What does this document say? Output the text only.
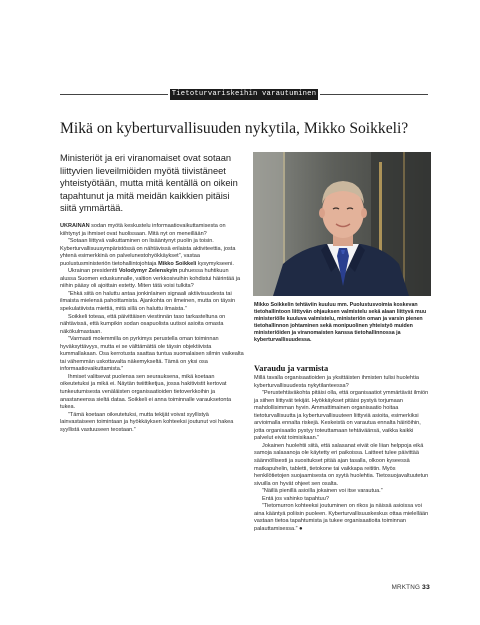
Tietoturvariskeihin varautuminen
Mikä on kyberturvallisuuden nykytila, Mikko Soikkeli?

Ministeriöt ja eri viranomaiset ovat sotaan liittyvien lieveilmiöiden myötä tiivistäneet yhteistyötään, mutta mitä kentällä on oikein tapahtunut ja mitä meidän kaikkien pitäisi siitä ymmärtää.

UKRAINAN sodan myötä keskustelu informaatiovaikuttamisesta on kiihtynyt ja ihmiset ovat huolissaan. Mitä nyt on meneillään?

”Sotaan liittyvä vaikuttaminen on lisääntynyt puolin ja toisin. Kyberturvallisuusympäristössä on nähtävissä erilaista aktiviteettia, josta yhtenä esimerkkinä on palvelunestohyökkäykset”, vastaa puolustusministeriön tietohallintojohtaja Mikko Soikkeli kysymykseeni.

Ukrainan presidentti Volodymyr Zelenskyin puhuessa huhtikuun alussa Suomen eduskunnalle, valtion verkkosivuihin kohdistui häirintää ja niihin pääsy oli ajoittain estetty. Miten tätä voisi tulkita?

”Ehkä siitä on haluttu antaa jonkinlainen signaali aktiivisuudesta tai ilmaista mielensä pahoittamista. Ajankohta on ilmeinen, mutta on täysin spekulatiivista miettiä, mitä sillä on haluttu ilmaista.”

Soikkeli toteaa, että päivittäisen viestinnän taso tarkasteltuna on nähtävissä, että kumpikin sodan osapuolista uutisoi asioita omasta näkökulmastaan.

”Varmasti molemmilla on pyrkimys perustella oman toiminnan hyväksyttävyys, mutta ei se välttämättä ole täysin objektiivista kummallakaan. Osa kerrotusta saattaa tuntua suomalaisen silmin vaikealta tai vähemmän uskottavalta näkemykseltä. Tämä on yksi osa informaatiovaikuttamista.”

Ihmiset valitsevat puolensa sen seurauksena, mikä koetaan oikeutetuksi ja mikä ei. Näytän twiittiketjua, jossa hakitivistit kertovat tunkeutumisesta venäläisten organisaatioiden tietoverkkoihin ja anastaneensa sieltä dataa. Soikkeli ei anna toiminnalle varauksetonta tukea.

”Tämä koetaan oikeutetuksi, mutta tekijät voivat syyllistyä lainvastaiseen toimintaan ja hyökkäyksen kohteeksi joutunut voi hakea syyllistä vastuuseen teostaan.”

Mikko Soikkelin tehtäviin kuuluu mm. Puolustusvoimia koskevan tietohallintoon liittyvän ohjauksen valmistelu sekä alaan liittyvä muu ministeriölle kuuluva valmistelu, ministeriön oman ja varsin pienen tietohallinnon johtaminen sekä monipuolinen yhteistyö muiden ministeriöiden ja viranomaisten kanssa tietohallinnossa ja kyberturvallisuudessa.

Varaudu ja varmista

Millä tavalla organisaatioiden ja yksittäisten ihmisten tulisi huolehtia kyberturvallisuudesta nykytilanteessa?

”Perustehtäväkohta pitäisi olla, että organisaatiot ymmärtävät ilmiön ja siihen liittyvät tekijät. Hyökkäykset pitäisi pystyä torjumaan mahdollisimman hyvin. Ammattimainen organisaatio hoitaa tietoturvallisuutta ja kyberturvallisuuteen liittyviä asioita, esimerkiksi arvioimalla ennalta riskejä. Keskeistä on varautua ennalta häiriöihin, jotta organisaatio pystyy toteuttamaan tehtäväänsä, vaikka kaikki palvelut eivät toimisikaan.”

Jokainen huolehtii siitä, että salasanat eivät ole liian helppoja eikä samoja salasanoja ole käytetty eri paikoissa. Laitteet tulee päivittää säännöllisesti ja suositukset pitää ajan tasalla, olkoon kyseessä matkapuhelin, tabletti, tietokone tai vaikkapa reititin. Myös henkilötietojen suojaamisesta on syytä huolehtia. Tietosuojavaltuutetun sivuilla on hyvät ohjeet sen osalta.

”Näillä pienillä asioilla jokainen voi itse varautua.”

Entä jos vahinko tapahtuu?

”Tietomurron kohteeksi joutuminen on rikos ja näissä asioissa voi aina kääntyä poliisin puoleen. Kyberturvallisuuskeskus ottaa mielellään vastaan tietoa tapahtumista ja tukee organisaatioita toiminnan palauttamisessa.” ●

MRKTNG 33
